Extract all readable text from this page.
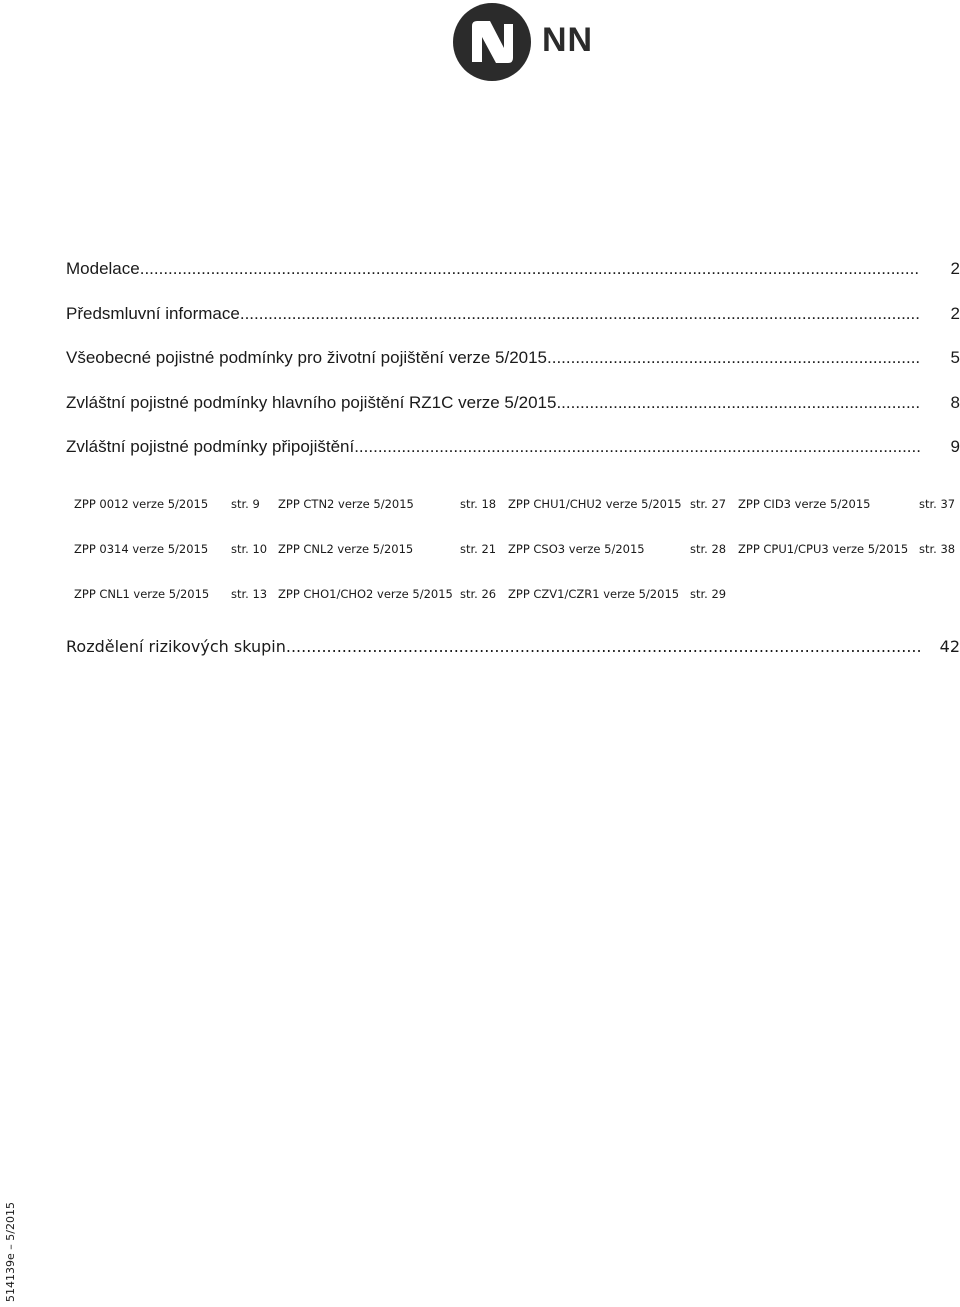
NN
Modelace .....	2
Předsmluvní informace .....	2
Všeobecné pojistné podmínky pro životní pojištění verze 5/2015 .....	5
Zvláštní pojistné podmínky hlavního pojištění RZ1C verze 5/2015 .....	8
Zvláštní pojistné podmínky připojištění .....	9
ZPP 0012 verze 5/2015 str. 9 ZPP CTN2 verze 5/2015	str. 18 ZPP CHU1/CHU2 verze 5/2015 str. 27 ZPP CID3 verze 5/2015	str. 37
ZPP 0314 verze 5/2015 str. 10 ZPP CNL2 verze 5/2015	str. 21 ZPP CSO3 verze 5/2015	str. 28 ZPP CPU1/CPU3 verze 5/2015 str. 38
ZPP CNL1 verze 5/2015 str. 13 ZPP CHO1/CHO2 verze 5/2015 str. 26 ZPP CZV1/CZR1 verze 5/2015 str. 29
Rozdělení rizikových skupin .....	42
514139e – 5/2015
